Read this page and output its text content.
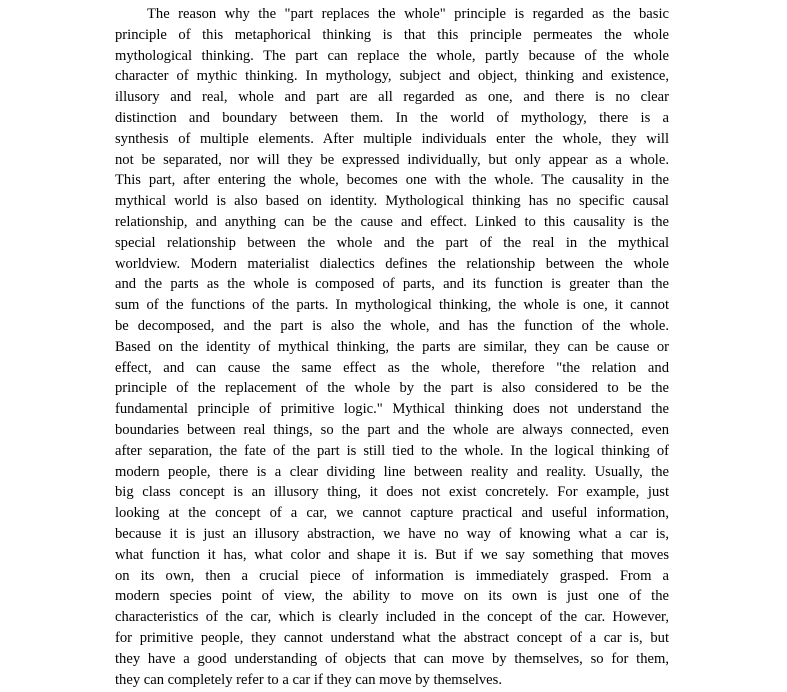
The reason why the "part replaces the whole" principle is regarded as the basic
principle of this metaphorical thinking is that this principle permeates the whole
mythological thinking. The part can replace the whole, partly because of the whole
character of mythic thinking. In mythology, subject and object, thinking and existence,
illusory and real, whole and part are all regarded as one, and there is no clear
distinction and boundary between them. In the world of mythology, there is a
synthesis of multiple elements. After multiple individuals enter the whole, they will
not be separated, nor will they be expressed individually, but only appear as a whole.
This part, after entering the whole, becomes one with the whole. The causality in the
mythical world is also based on identity. Mythological thinking has no specific causal
relationship, and anything can be the cause and effect. Linked to this causality is the
special relationship between the whole and the part of the real in the mythical
worldview. Modern materialist dialectics defines the relationship between the whole
and the parts as the whole is composed of parts, and its function is greater than the
sum of the functions of the parts. In mythological thinking, the whole is one, it cannot
be decomposed, and the part is also the whole, and has the function of the whole.
Based on the identity of mythical thinking, the parts are similar, they can be cause or
effect, and can cause the same effect as the whole, therefore "the relation and
principle of the replacement of the whole by the part is also considered to be the
fundamental principle of primitive logic." Mythical thinking does not understand the
boundaries between real things, so the part and the whole are always connected, even
after separation, the fate of the part is still tied to the whole. In the logical thinking of
modern people, there is a clear dividing line between reality and reality. Usually, the
big class concept is an illusory thing, it does not exist concretely. For example, just
looking at the concept of a car, we cannot capture practical and useful information,
because it is just an illusory abstraction, we have no way of knowing what a car is,
what function it has, what color and shape it is. But if we say something that moves
on its own, then a crucial piece of information is immediately grasped. From a
modern species point of view, the ability to move on its own is just one of the
characteristics of the car, which is clearly included in the concept of the car. However,
for primitive people, they cannot understand what the abstract concept of a car is, but
they have a good understanding of objects that can move by themselves, so for them,
they can completely refer to a car if they can move by themselves.
